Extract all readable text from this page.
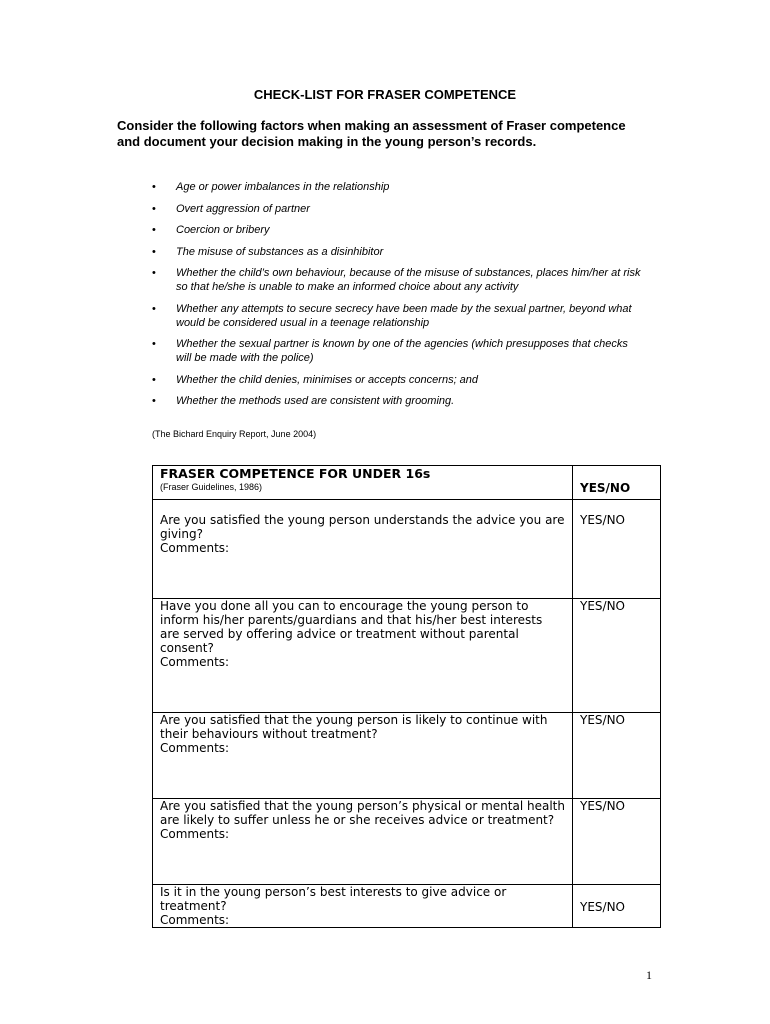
CHECK-LIST FOR FRASER COMPETENCE
Consider the following factors when making an assessment of Fraser competence and document your decision making in the young person’s records.
• Age or power imbalances in the relationship
• Overt aggression of partner
• Coercion or bribery
• The misuse of substances as a disinhibitor
• Whether the child’s own behaviour, because of the misuse of substances, places him/her at risk so that he/she is unable to make an informed choice about any activity
• Whether any attempts to secure secrecy have been made by the sexual partner, beyond what would be considered usual in a teenage relationship
• Whether the sexual partner is known by one of the agencies (which presupposes that checks will be made with the police)
• Whether the child denies, minimises or accepts concerns; and
• Whether the methods used are consistent with grooming.
(The Bichard Enquiry Report, June 2004)
FRASER COMPETENCE FOR UNDER 16s
(Fraser Guidelines, 1986)	YES/NO

Are you satisfied the young person understands the advice you are giving?
Comments:	YES/NO

Have you done all you can to encourage the young person to inform his/her parents/guardians and that his/her best interests are served by offering advice or treatment without parental consent?
Comments:	YES/NO

Are you satisfied that the young person is likely to continue with their behaviours without treatment?
Comments:	YES/NO

Are you satisfied that the young person’s physical or mental health are likely to suffer unless he or she receives advice or treatment?
Comments:	YES/NO

Is it in the young person’s best interests to give advice or treatment?
Comments:	YES/NO
1
